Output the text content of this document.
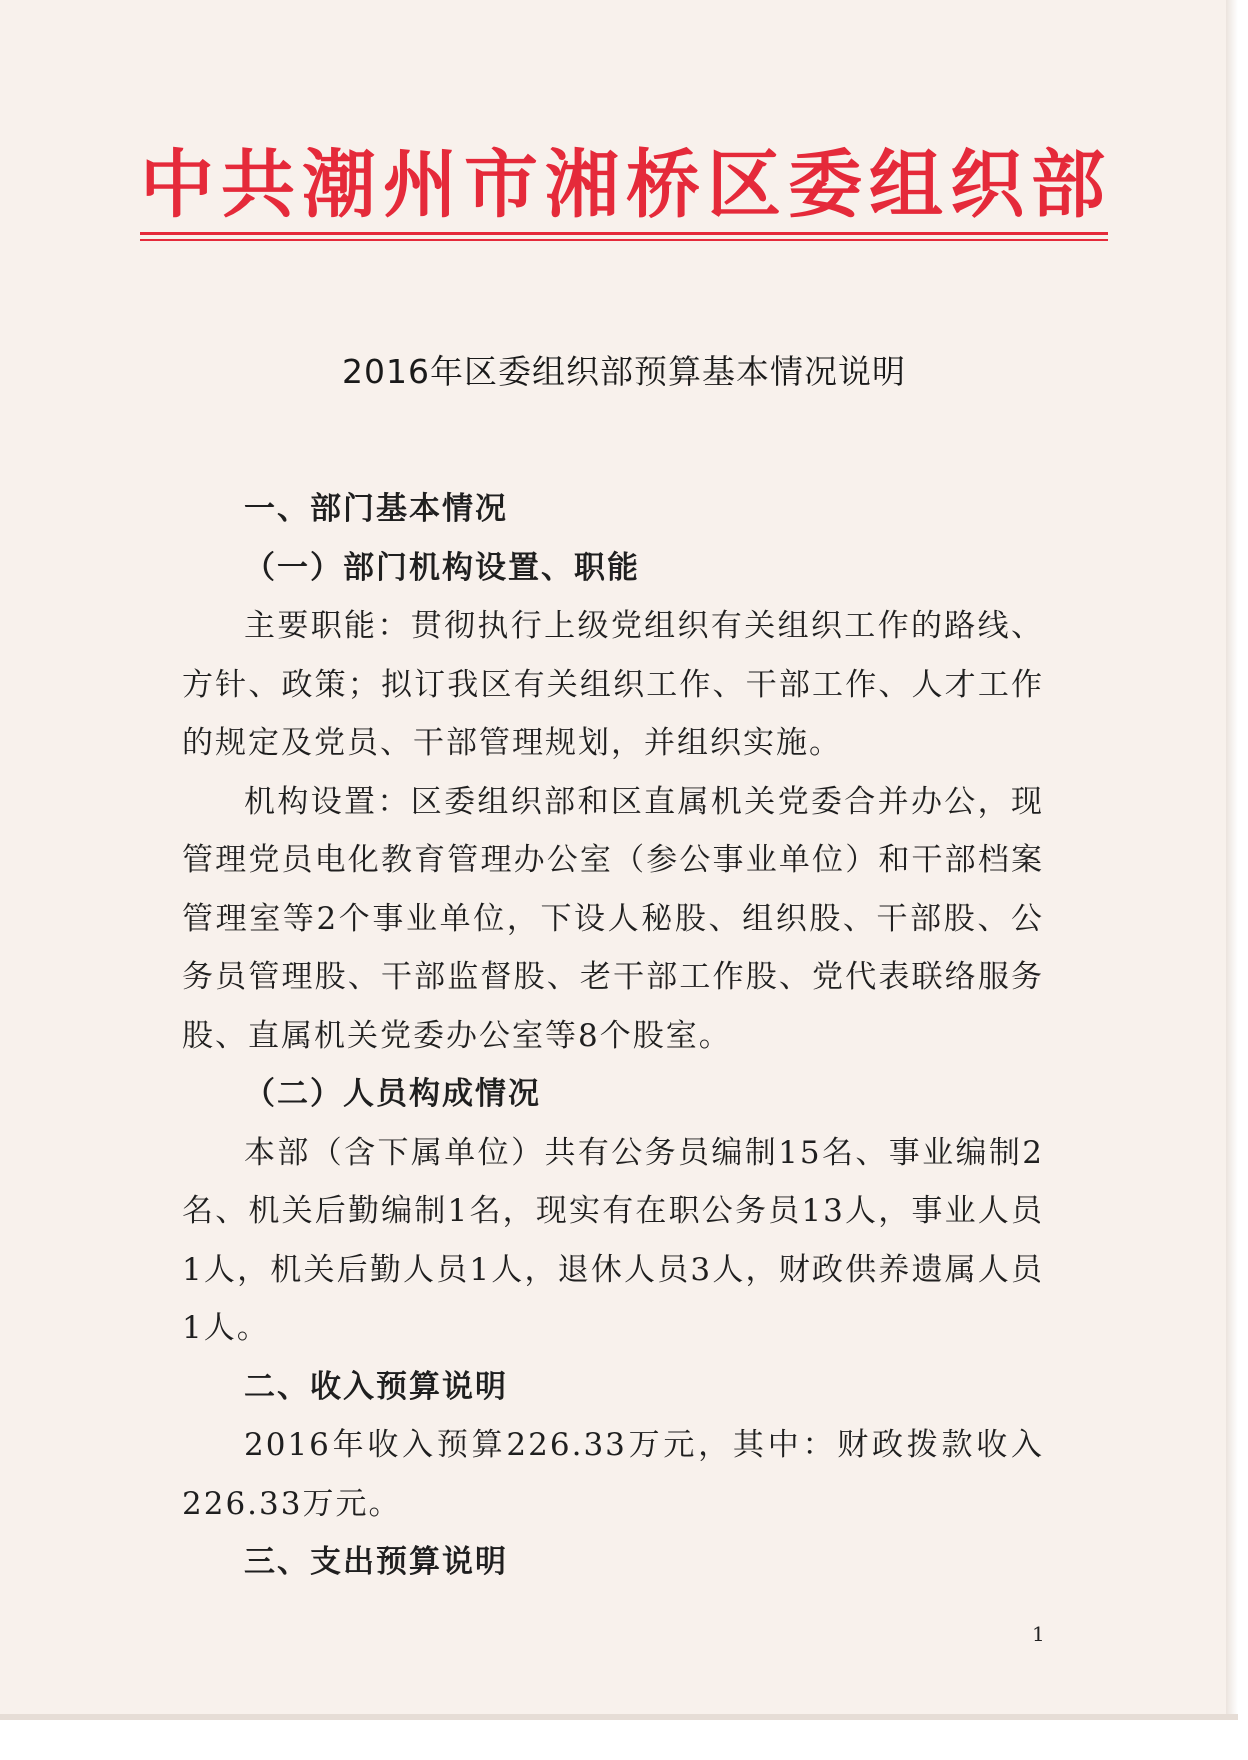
中共潮州市湘桥区委组织部
2016年区委组织部预算基本情况说明

一、部门基本情况

（一）部门机构设置、职能

主要职能：贯彻执行上级党组织有关组织工作的路线、方针、政策；拟订我区有关组织工作、干部工作、人才工作的规定及党员、干部管理规划，并组织实施。

机构设置：区委组织部和区直属机关党委合并办公，现管理党员电化教育管理办公室（参公事业单位）和干部档案管理室等2个事业单位，下设人秘股、组织股、干部股、公务员管理股、干部监督股、老干部工作股、党代表联络服务股、直属机关党委办公室等8个股室。

（二）人员构成情况

本部（含下属单位）共有公务员编制15名、事业编制2名、机关后勤编制1名，现实有在职公务员13人，事业人员1人，机关后勤人员1人，退休人员3人，财政供养遗属人员1人。

二、收入预算说明

2016年收入预算226.33万元，其中：财政拨款收入226.33万元。

三、支出预算说明

1
